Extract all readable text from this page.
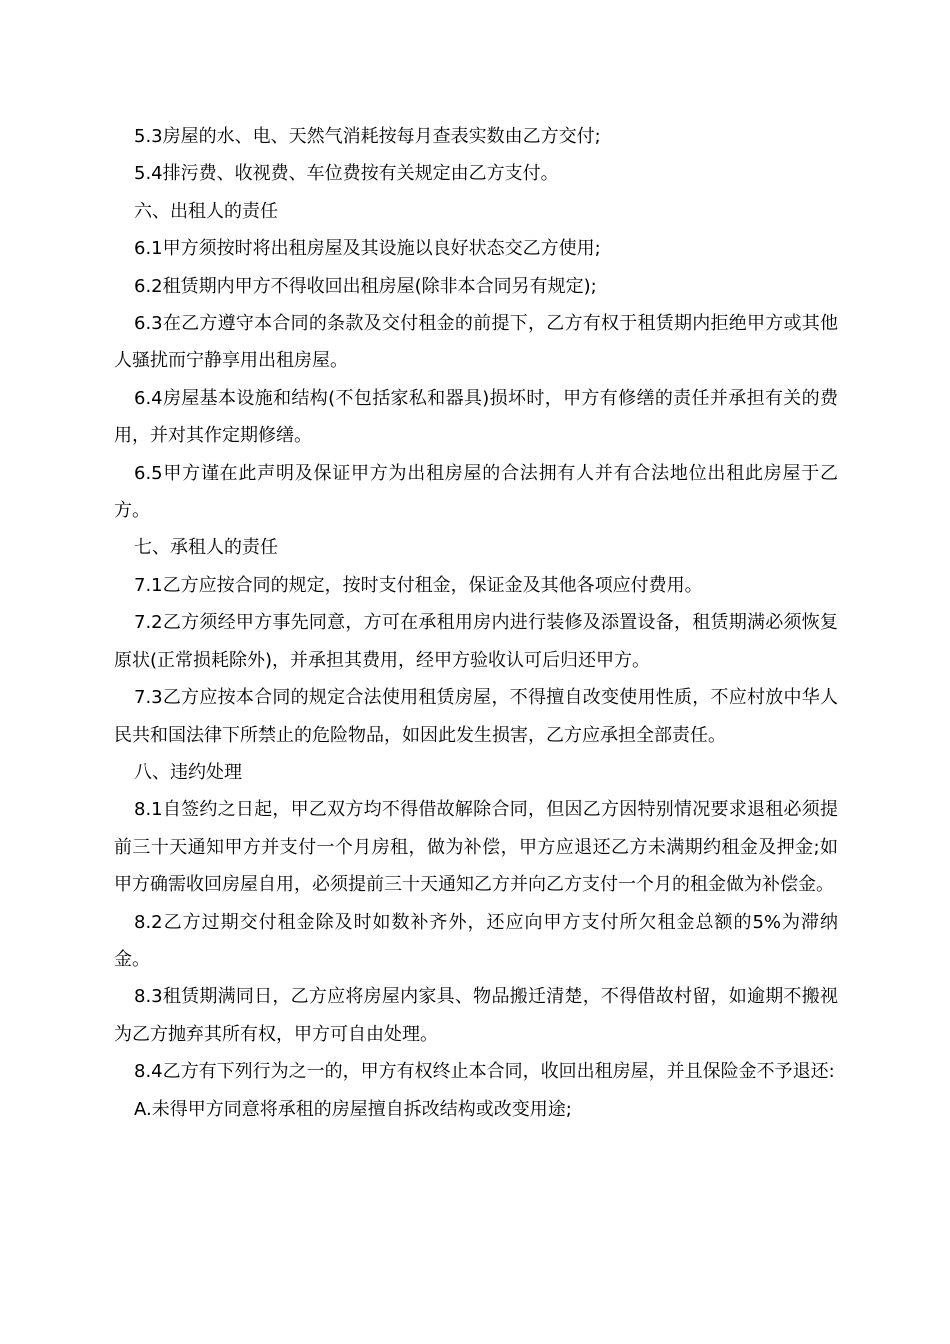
5.3房屋的水、电、天然气消耗按每月查表实数由乙方交付;

5.4排污费、收视费、车位费按有关规定由乙方支付。

六、出租人的责任

6.1甲方须按时将出租房屋及其设施以良好状态交乙方使用;

6.2租赁期内甲方不得收回出租房屋(除非本合同另有规定);

6.3在乙方遵守本合同的条款及交付租金的前提下，乙方有权于租赁期内拒绝甲方或其他人骚扰而宁静享用出租房屋。

6.4房屋基本设施和结构(不包括家私和器具)损坏时，甲方有修缮的责任并承担有关的费用，并对其作定期修缮。

6.5甲方谨在此声明及保证甲方为出租房屋的合法拥有人并有合法地位出租此房屋于乙方。

七、承租人的责任

7.1乙方应按合同的规定，按时支付租金，保证金及其他各项应付费用。

7.2乙方须经甲方事先同意，方可在承租用房内进行装修及添置设备，租赁期满必须恢复原状(正常损耗除外)，并承担其费用，经甲方验收认可后归还甲方。

7.3乙方应按本合同的规定合法使用租赁房屋，不得擅自改变使用性质，不应村放中华人民共和国法律下所禁止的危险物品，如因此发生损害，乙方应承担全部责任。

八、违约处理

8.1自签约之日起，甲乙双方均不得借故解除合同，但因乙方因特别情况要求退租必须提前三十天通知甲方并支付一个月房租，做为补偿，甲方应退还乙方未满期约租金及押金;如甲方确需收回房屋自用，必须提前三十天通知乙方并向乙方支付一个月的租金做为补偿金。

8.2乙方过期交付租金除及时如数补齐外，还应向甲方支付所欠租金总额的5%为滞纳金。

8.3租赁期满同日，乙方应将房屋内家具、物品搬迁清楚，不得借故村留，如逾期不搬视为乙方抛弃其所有权，甲方可自由处理。

8.4乙方有下列行为之一的，甲方有权终止本合同，收回出租房屋，并且保险金不予退还:

A.未得甲方同意将承租的房屋擅自拆改结构或改变用途;
